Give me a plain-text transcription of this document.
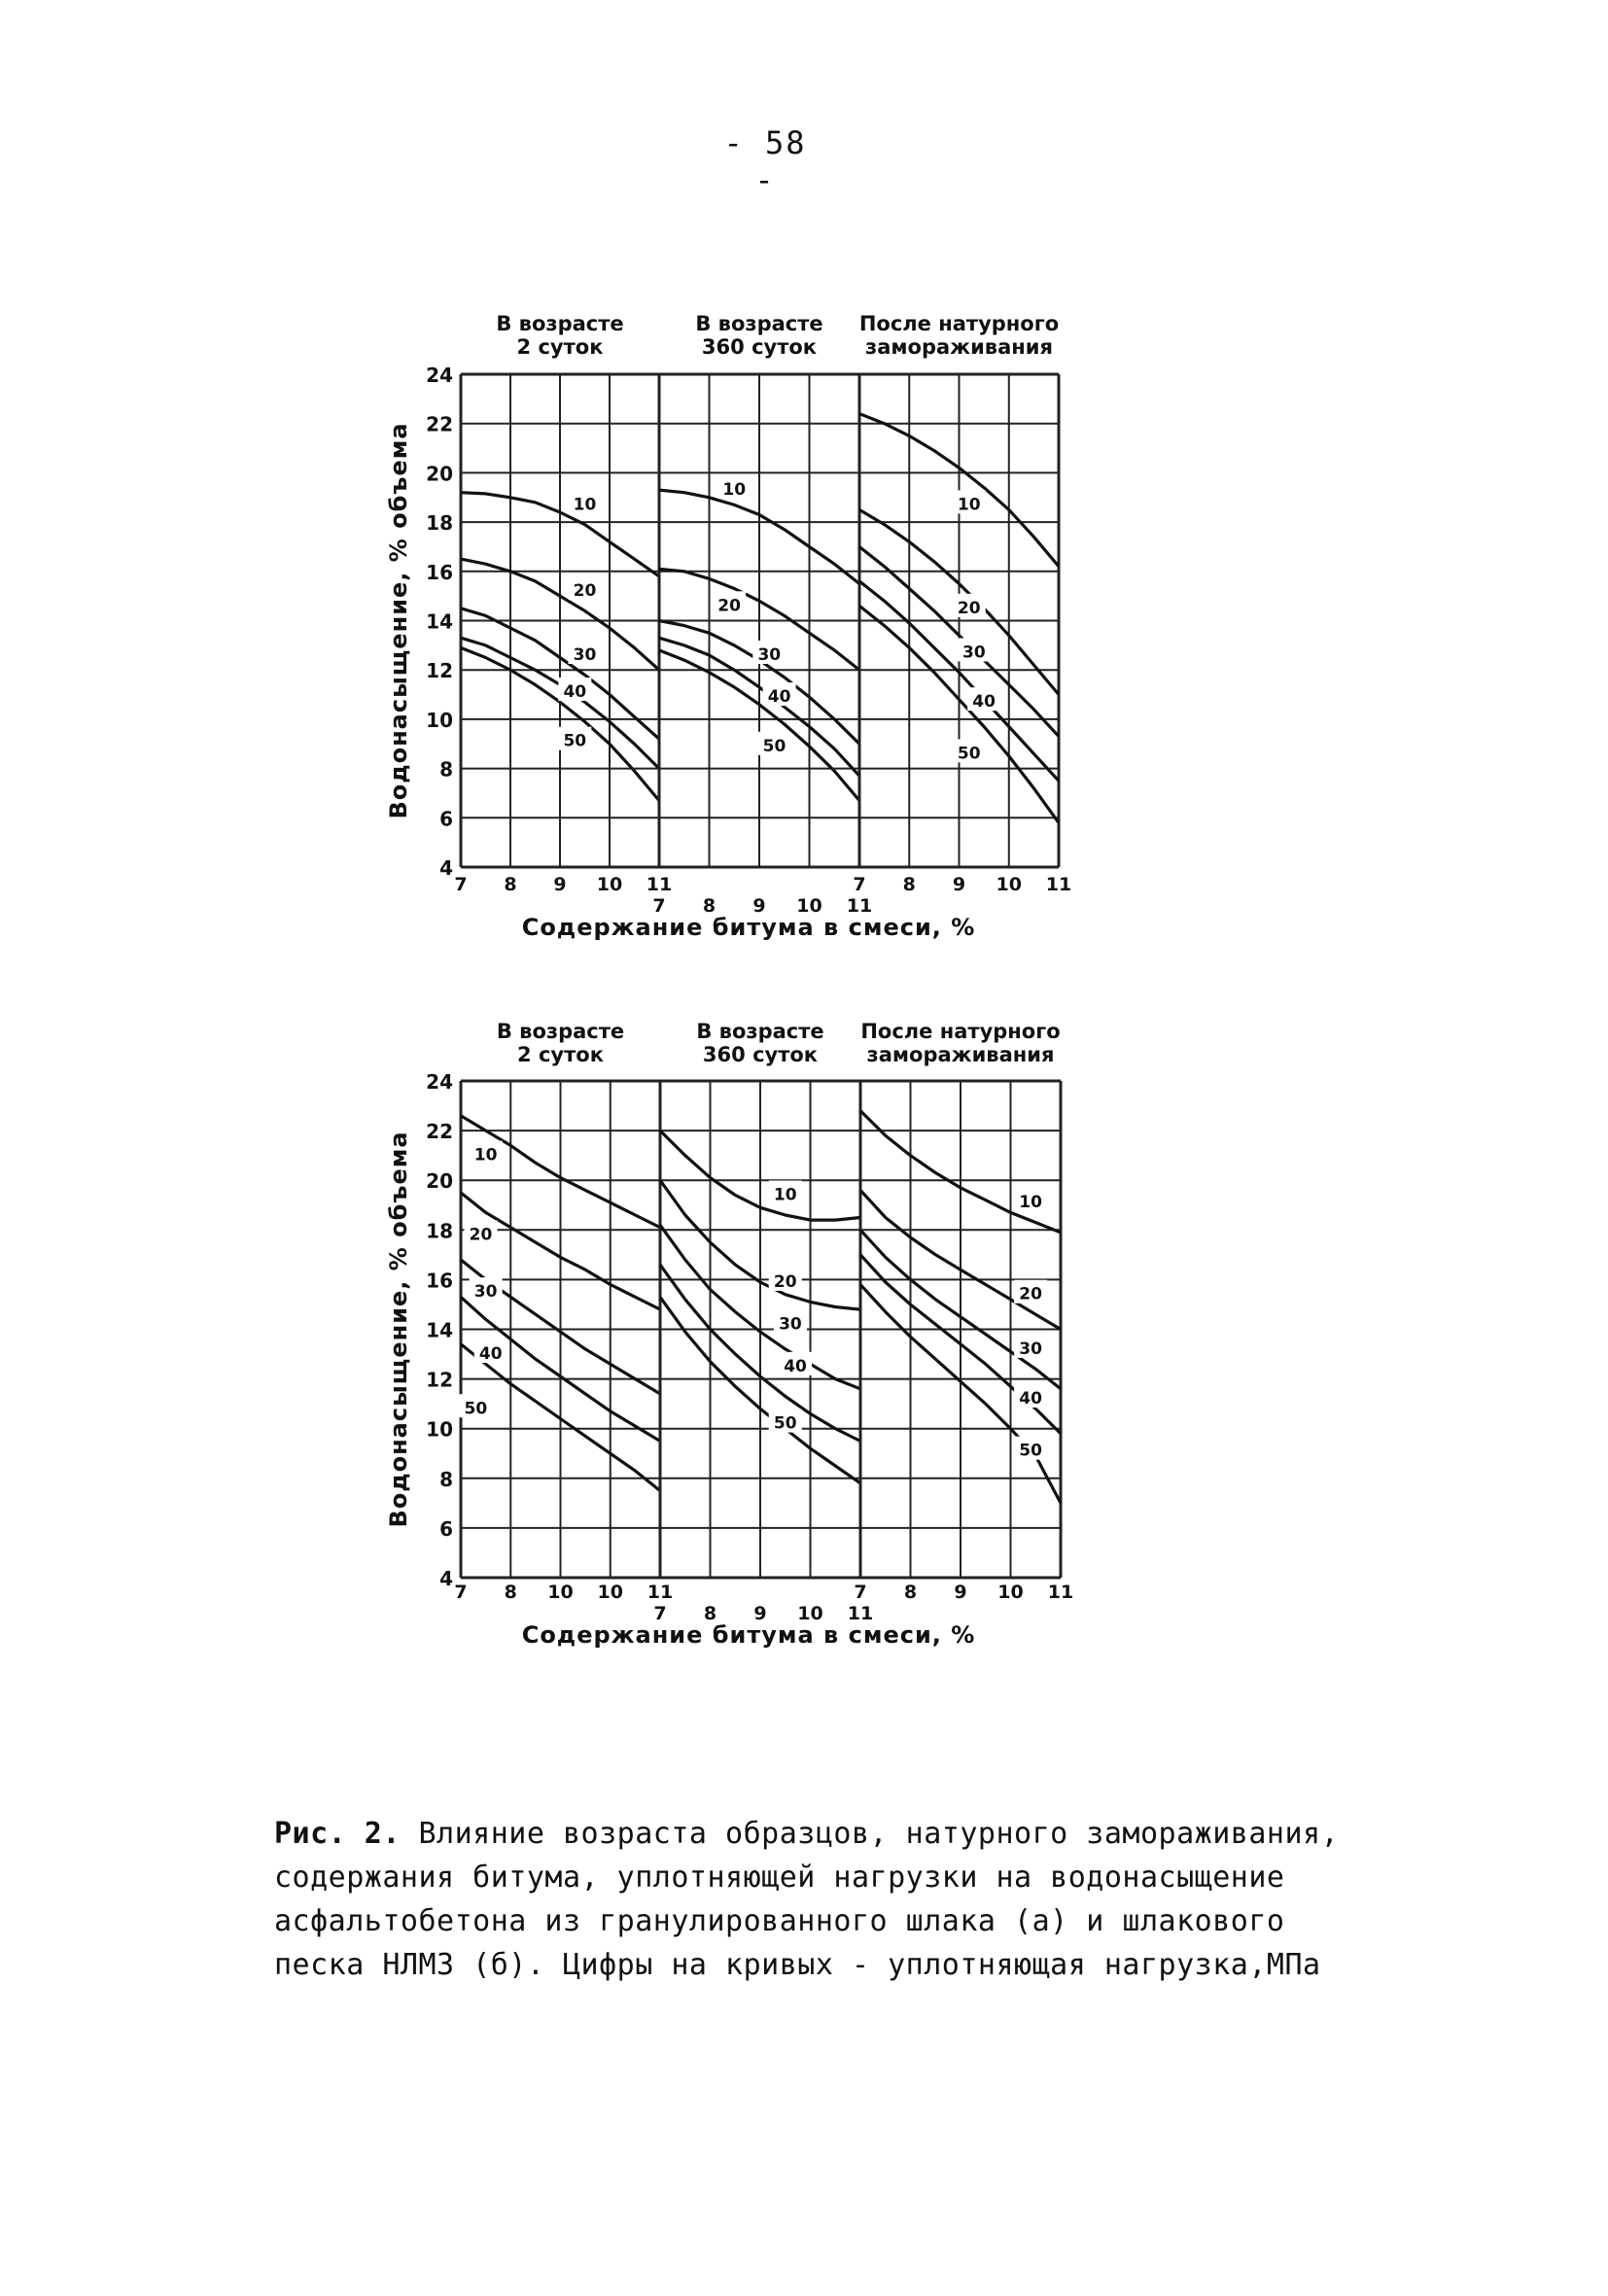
- 58 -
24
22
20
18
16
14
12
10
8
6
4
Водонасыщение, % объема
В возрасте
2 суток
7 8 9 10 11
10
20
30
40
50
В возрасте
360 суток
7 8 9 10 11
10
20
30
40
50
После натурного
замораживания
7 8 9 10 11
10
20
30
40
50
Содержание битума в смеси, %
24
22
20
18
16
14
12
10
8
6
4
Водонасыщение, % объема
В возрасте
2 суток
7 8 10 10 11
10
20
30
40
50
В возрасте
360 суток
7 8 9 10 11
10
20
30
40
50
После натурного
замораживания
7 8 9 10 11
10
20
30
40
50
Содержание битума в смеси, %
Рис. 2. Влияние возраста образцов, натурного замораживания,
содержания битума, уплотняющей нагрузки на водонасыщение
асфальтобетона из гранулированного шлака (а) и шлакового
песка НЛМЗ (б). Цифры на кривых - уплотняющая нагрузка,МПа
